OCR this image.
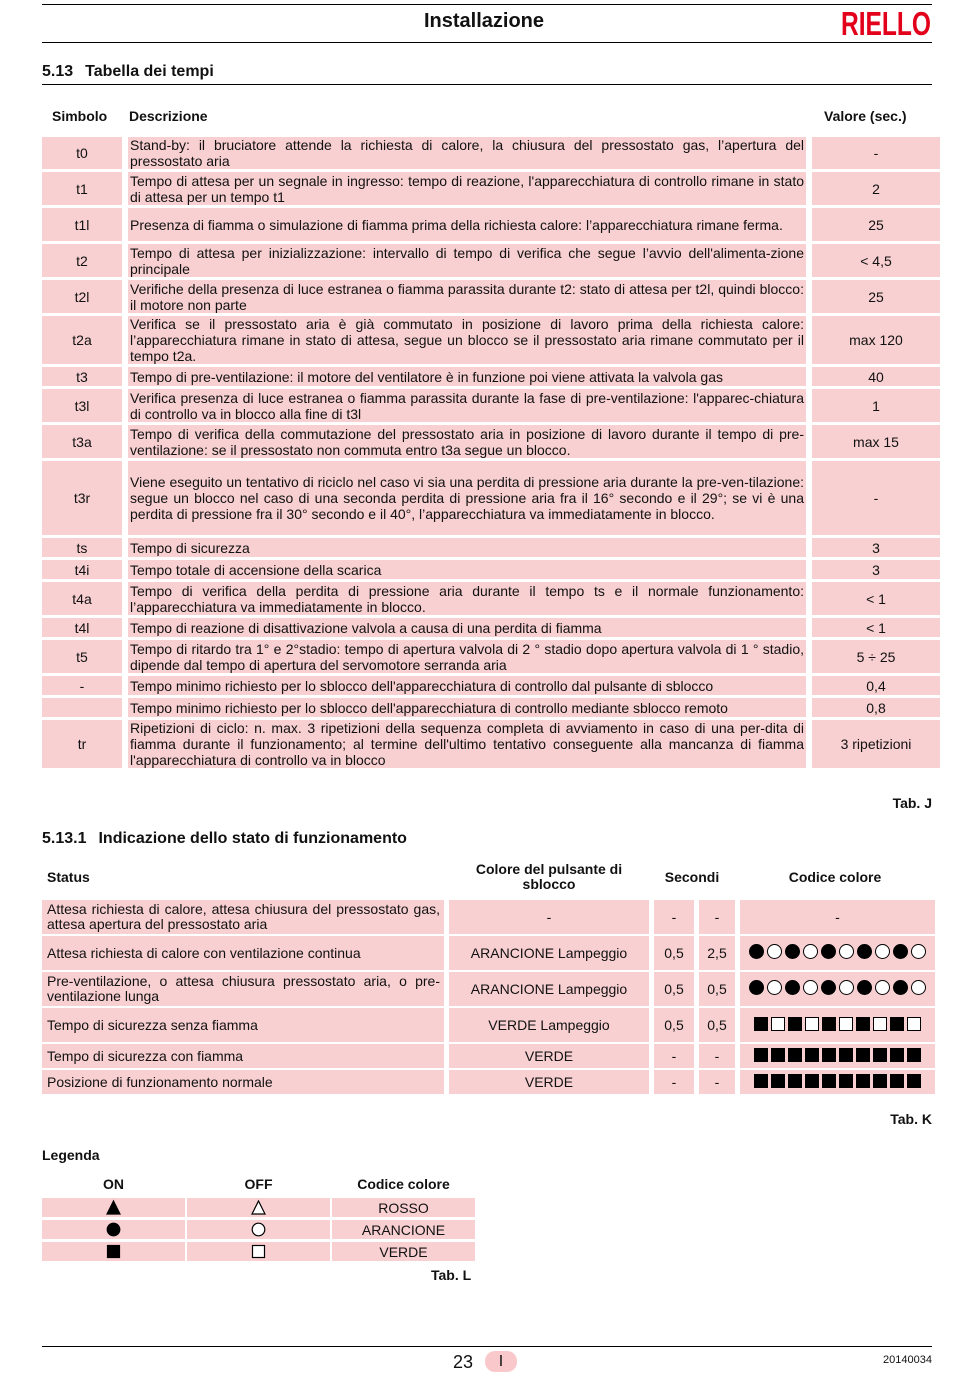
Installazione	RIELLO
5.13 Tabella dei tempi
Simbolo Descrizione	Valore (sec.)
t0		Stand-by: il bruciatore attende la richiesta di calore, la chiusura del pressostato gas, l’apertura del pressostato aria		-
t1		Tempo di attesa per un segnale in ingresso: tempo di reazione, l'apparecchiatura di controllo rimane in stato di attesa per un tempo t1		2
t1l		Presenza di fiamma o simulazione di fiamma prima della richiesta calore: l’apparecchiatura rimane ferma.		25
t2		Tempo di attesa per inizializzazione: intervallo di tempo di verifica che segue l’avvio dell'alimenta-zione principale		< 4,5
t2l		Verifiche della presenza di luce estranea o fiamma parassita durante t2: stato di attesa per t2l, quindi blocco: il motore non parte		25
t2a		Verifica se il pressostato aria è già commutato in posizione di lavoro prima della richiesta calore: l’apparecchiatura rimane in stato di attesa, segue un blocco se il pressostato aria rimane commutato per il tempo t2a.		max 120
t3		Tempo di pre-ventilazione: il motore del ventilatore è in funzione poi viene attivata la valvola gas		40
t3l		Verifica presenza di luce estranea o fiamma parassita durante la fase di pre-ventilazione: l'apparec-chiatura di controllo va in blocco alla fine di t3l		1
t3a		Tempo di verifica della commutazione del pressostato aria in posizione di lavoro durante il tempo di pre-ventilazione: se il pressostato non commuta entro t3a segue un blocco.		max 15
t3r		Viene eseguito un tentativo di riciclo nel caso vi sia una perdita di pressione aria durante la pre-ven-tilazione: segue un blocco nel caso di una seconda perdita di pressione aria fra il 16° secondo e il 29°; se vi è una perdita di pressione fra il 30° secondo e il 40°, l’apparecchiatura va immediatamente in blocco.		-
ts		Tempo di sicurezza		3
t4i		Tempo totale di accensione della scarica		3
t4a		Tempo di verifica della perdita di pressione aria durante il tempo ts e il normale funzionamento: l’apparecchiatura va immediatamente in blocco.		< 1
t4l		Tempo di reazione di disattivazione valvola a causa di una perdita di fiamma		< 1
t5		Tempo di ritardo tra 1° e 2°stadio: tempo di apertura valvola di 2 ° stadio dopo apertura valvola di 1 ° stadio, dipende dal tempo di apertura del servomotore serranda aria		5 ÷ 25
-		Tempo minimo richiesto per lo sblocco dell'apparecchiatura di controllo dal pulsante di sblocco		0,4
		Tempo minimo richiesto per lo sblocco dell'apparecchiatura di controllo mediante sblocco remoto		0,8
tr		Ripetizioni di ciclo: n. max. 3 ripetizioni della sequenza completa di avviamento in caso di una per-dita di fiamma durante il funzionamento; al termine dell'ultimo tentativo conseguente alla mancanza di fiamma l'apparecchiatura di controllo va in blocco		3 ripetizioni
Tab. J
5.13.1 Indicazione dello stato di funzionamento
Status	Colore del pulsante di sblocco	Secondi	Codice colore
Attesa richiesta di calore, attesa chiusura del pressostato gas, attesa apertura del pressostato aria		-		-		-		-
Attesa richiesta di calore con ventilazione continua		ARANCIONE Lampeggio		0,5		2,5		

Pre-ventilazione, o attesa chiusura pressostato aria, o pre-ventilazione lunga		ARANCIONE Lampeggio		0,5		0,5		

Tempo di sicurezza senza fiamma		VERDE Lampeggio		0,5		0,5		

Tempo di sicurezza con fiamma		VERDE		-		-		

Posizione di funzionamento normale		VERDE		-		-		
Tab. K
Legenda
ON	OFF	Codice colore
ROSSO
ARANCIONE
VERDE
Tab. L
23	I	20140034
